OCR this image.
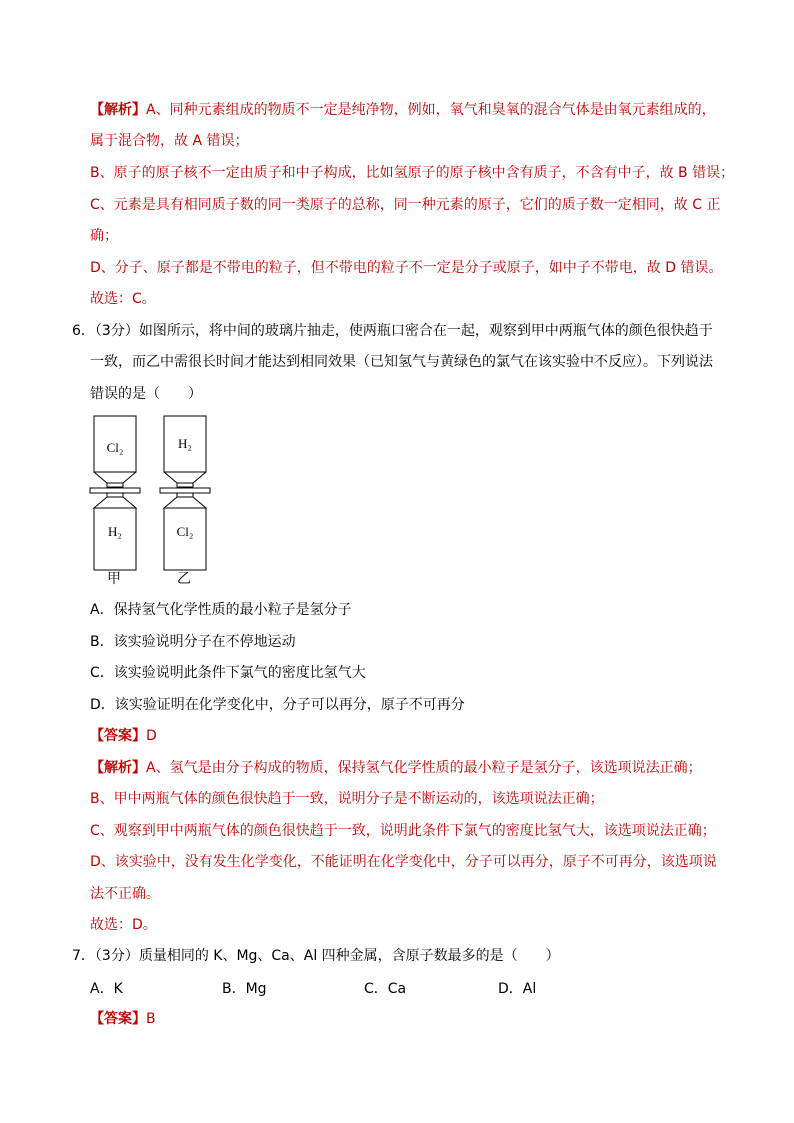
【解析】A、同种元素组成的物质不一定是纯净物，例如，氧气和臭氧的混合气体是由氧元素组成的，
属于混合物，故 A 错误；
B、原子的原子核不一定由质子和中子构成，比如氢原子的原子核中含有质子，不含有中子，故 B 错误；
C、元素是具有相同质子数的同一类原子的总称，同一种元素的原子，它们的质子数一定相同，故 C 正
确；
D、分子、原子都是不带电的粒子，但不带电的粒子不一定是分子或原子，如中子不带电，故 D 错误。
故选：C。
6．（3分）如图所示，将中间的玻璃片抽走，使两瓶口密合在一起，观察到甲中两瓶气体的颜色很快趋于
一致，而乙中需很长时间才能达到相同效果（已知氢气与黄绿色的氯气在该实验中不反应）。下列说法
错误的是（　　）
Cl₂
H₂
H₂
Cl₂
甲	乙
A．保持氢气化学性质的最小粒子是氢分子
B．该实验说明分子在不停地运动
C．该实验说明此条件下氯气的密度比氢气大
D．该实验证明在化学变化中，分子可以再分，原子不可再分
【答案】D
【解析】A、氢气是由分子构成的物质，保持氢气化学性质的最小粒子是氢分子，该选项说法正确；
B、甲中两瓶气体的颜色很快趋于一致，说明分子是不断运动的，该选项说法正确；
C、观察到甲中两瓶气体的颜色很快趋于一致，说明此条件下氯气的密度比氢气大，该选项说法正确；
D、该实验中，没有发生化学变化，不能证明在化学变化中，分子可以再分，原子不可再分，该选项说
法不正确。
故选：D。
7．（3分）质量相同的 K、Mg、Ca、Al 四种金属，含原子数最多的是（　　）
A．K	B．Mg	C．Ca	D．Al
【答案】B
